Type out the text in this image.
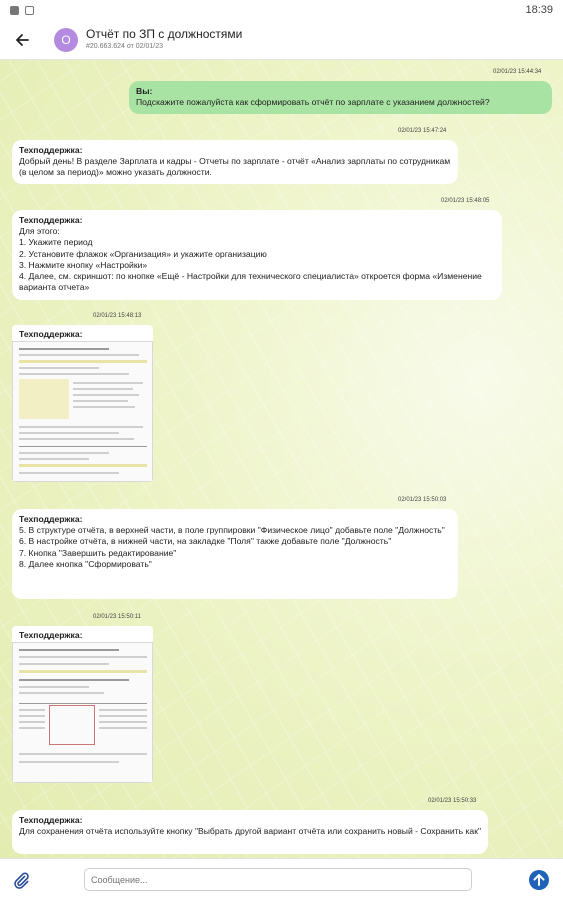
18:39
О	Отчёт по ЗП с должностями
#20.663.624 от 02/01/23
02/01/23 15:44:34
Вы:
Подскажите пожалуйста как сформировать отчёт по зарплате с указанием должностей?
02/01/23 15:47:24
Техподдержка:
Добрый день! В разделе Зарплата и кадры - Отчеты по зарплате - отчёт «Анализ зарплаты по сотрудникам (в целом за период)» можно указать должности.
02/01/23 15:48:05
Техподдержка:
Для этого:
1. Укажите период
2. Установите флажок «Организация» и укажите организацию
3. Нажмите кнопку «Настройки»
4. Далее, см. скриншот: по кнопке «Ещё - Настройки для технического специалиста» откроется форма «Изменение варианта отчета»
02/01/23 15:48:13
Техподдержка:
02/01/23 15:50:03
Техподдержка:
5. В структуре отчёта, в верхней части, в поле группировки "Физическое лицо" добавьте поле "Должность"
6. В настройке отчёта, в нижней части, на закладке "Поля" также добавьте поле "Должность"
7. Кнопка "Завершить редактирование"
8. Далее кнопка "Сформировать"
02/01/23 15:50:11
Техподдержка:
02/01/23 15:50:33
Техподдержка:
Для сохранения отчёта используйте кнопку "Выбрать другой вариант отчёта или сохранить новый - Сохранить как"
Сообщение...
